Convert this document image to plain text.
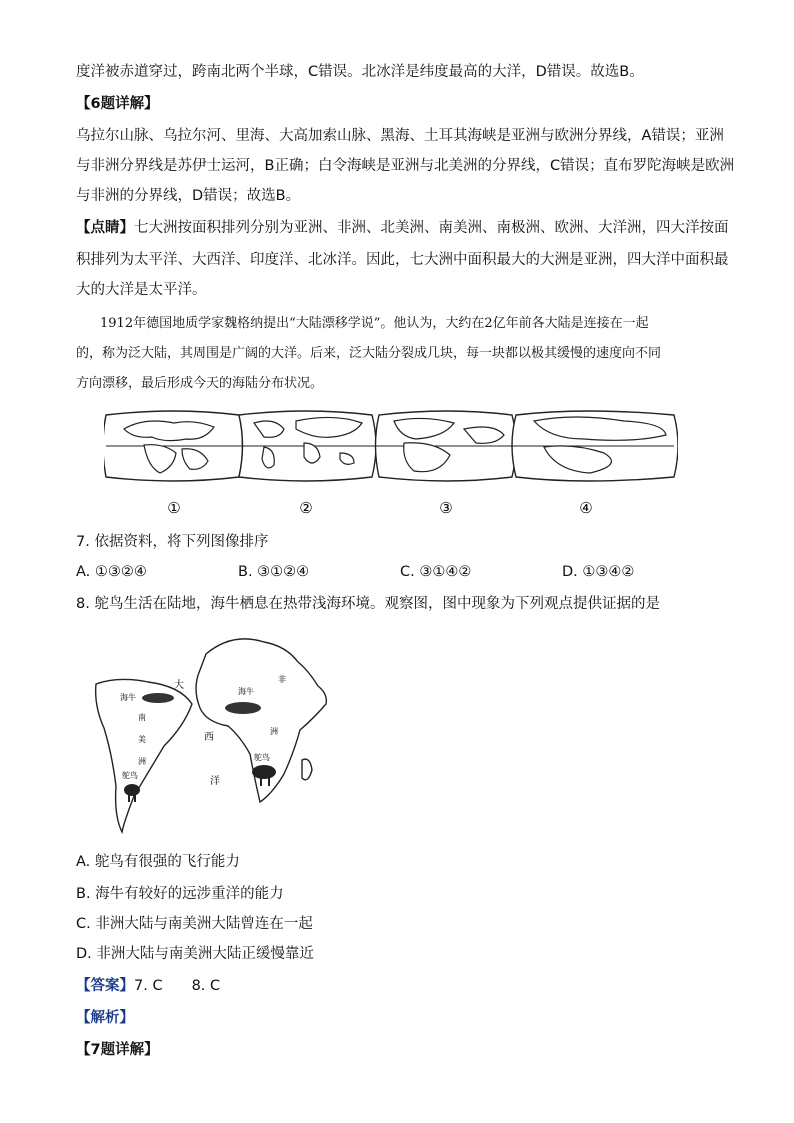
度洋被赤道穿过，跨南北两个半球，C错误。北冰洋是纬度最高的大洋，D错误。故选B。
【6题详解】
乌拉尔山脉、乌拉尔河、里海、大高加索山脉、黑海、土耳其海峡是亚洲与欧洲分界线，A错误；亚洲
与非洲分界线是苏伊士运河，B正确；白令海峡是亚洲与北美洲的分界线，C错误；直布罗陀海峡是欧洲
与非洲的分界线，D错误；故选B。
【点睛】七大洲按面积排列分别为亚洲、非洲、北美洲、南美洲、南极洲、欧洲、大洋洲，四大洋按面
积排列为太平洋、大西洋、印度洋、北冰洋。因此，七大洲中面积最大的大洲是亚洲，四大洋中面积最
大的大洋是太平洋。
1912年德国地质学家魏格纳提出“大陆漂移学说”。他认为，大约在2亿年前各大陆是连接在一起
的，称为泛大陆，其周围是广阔的大洋。后来，泛大陆分裂成几块，每一块都以极其缓慢的速度向不同
方向漂移，最后形成今天的海陆分布状况。
①	②	③	④
7. 依据资料，将下列图像排序
A. ①③②④	B. ③①②④	C. ③①④②	D. ①③④②
8. 鸵鸟生活在陆地，海牛栖息在热带浅海环境。观察图，图中现象为下列观点提供证据的是
海牛
南
美
洲
鸵鸟
海牛
非
洲
鸵鸟
大
西
洋
A. 鸵鸟有很强的飞行能力
B. 海牛有较好的远涉重洋的能力
C. 非洲大陆与南美洲大陆曾连在一起
D. 非洲大陆与南美洲大陆正缓慢靠近
【答案】7. C　　8. C
【解析】
【7题详解】
